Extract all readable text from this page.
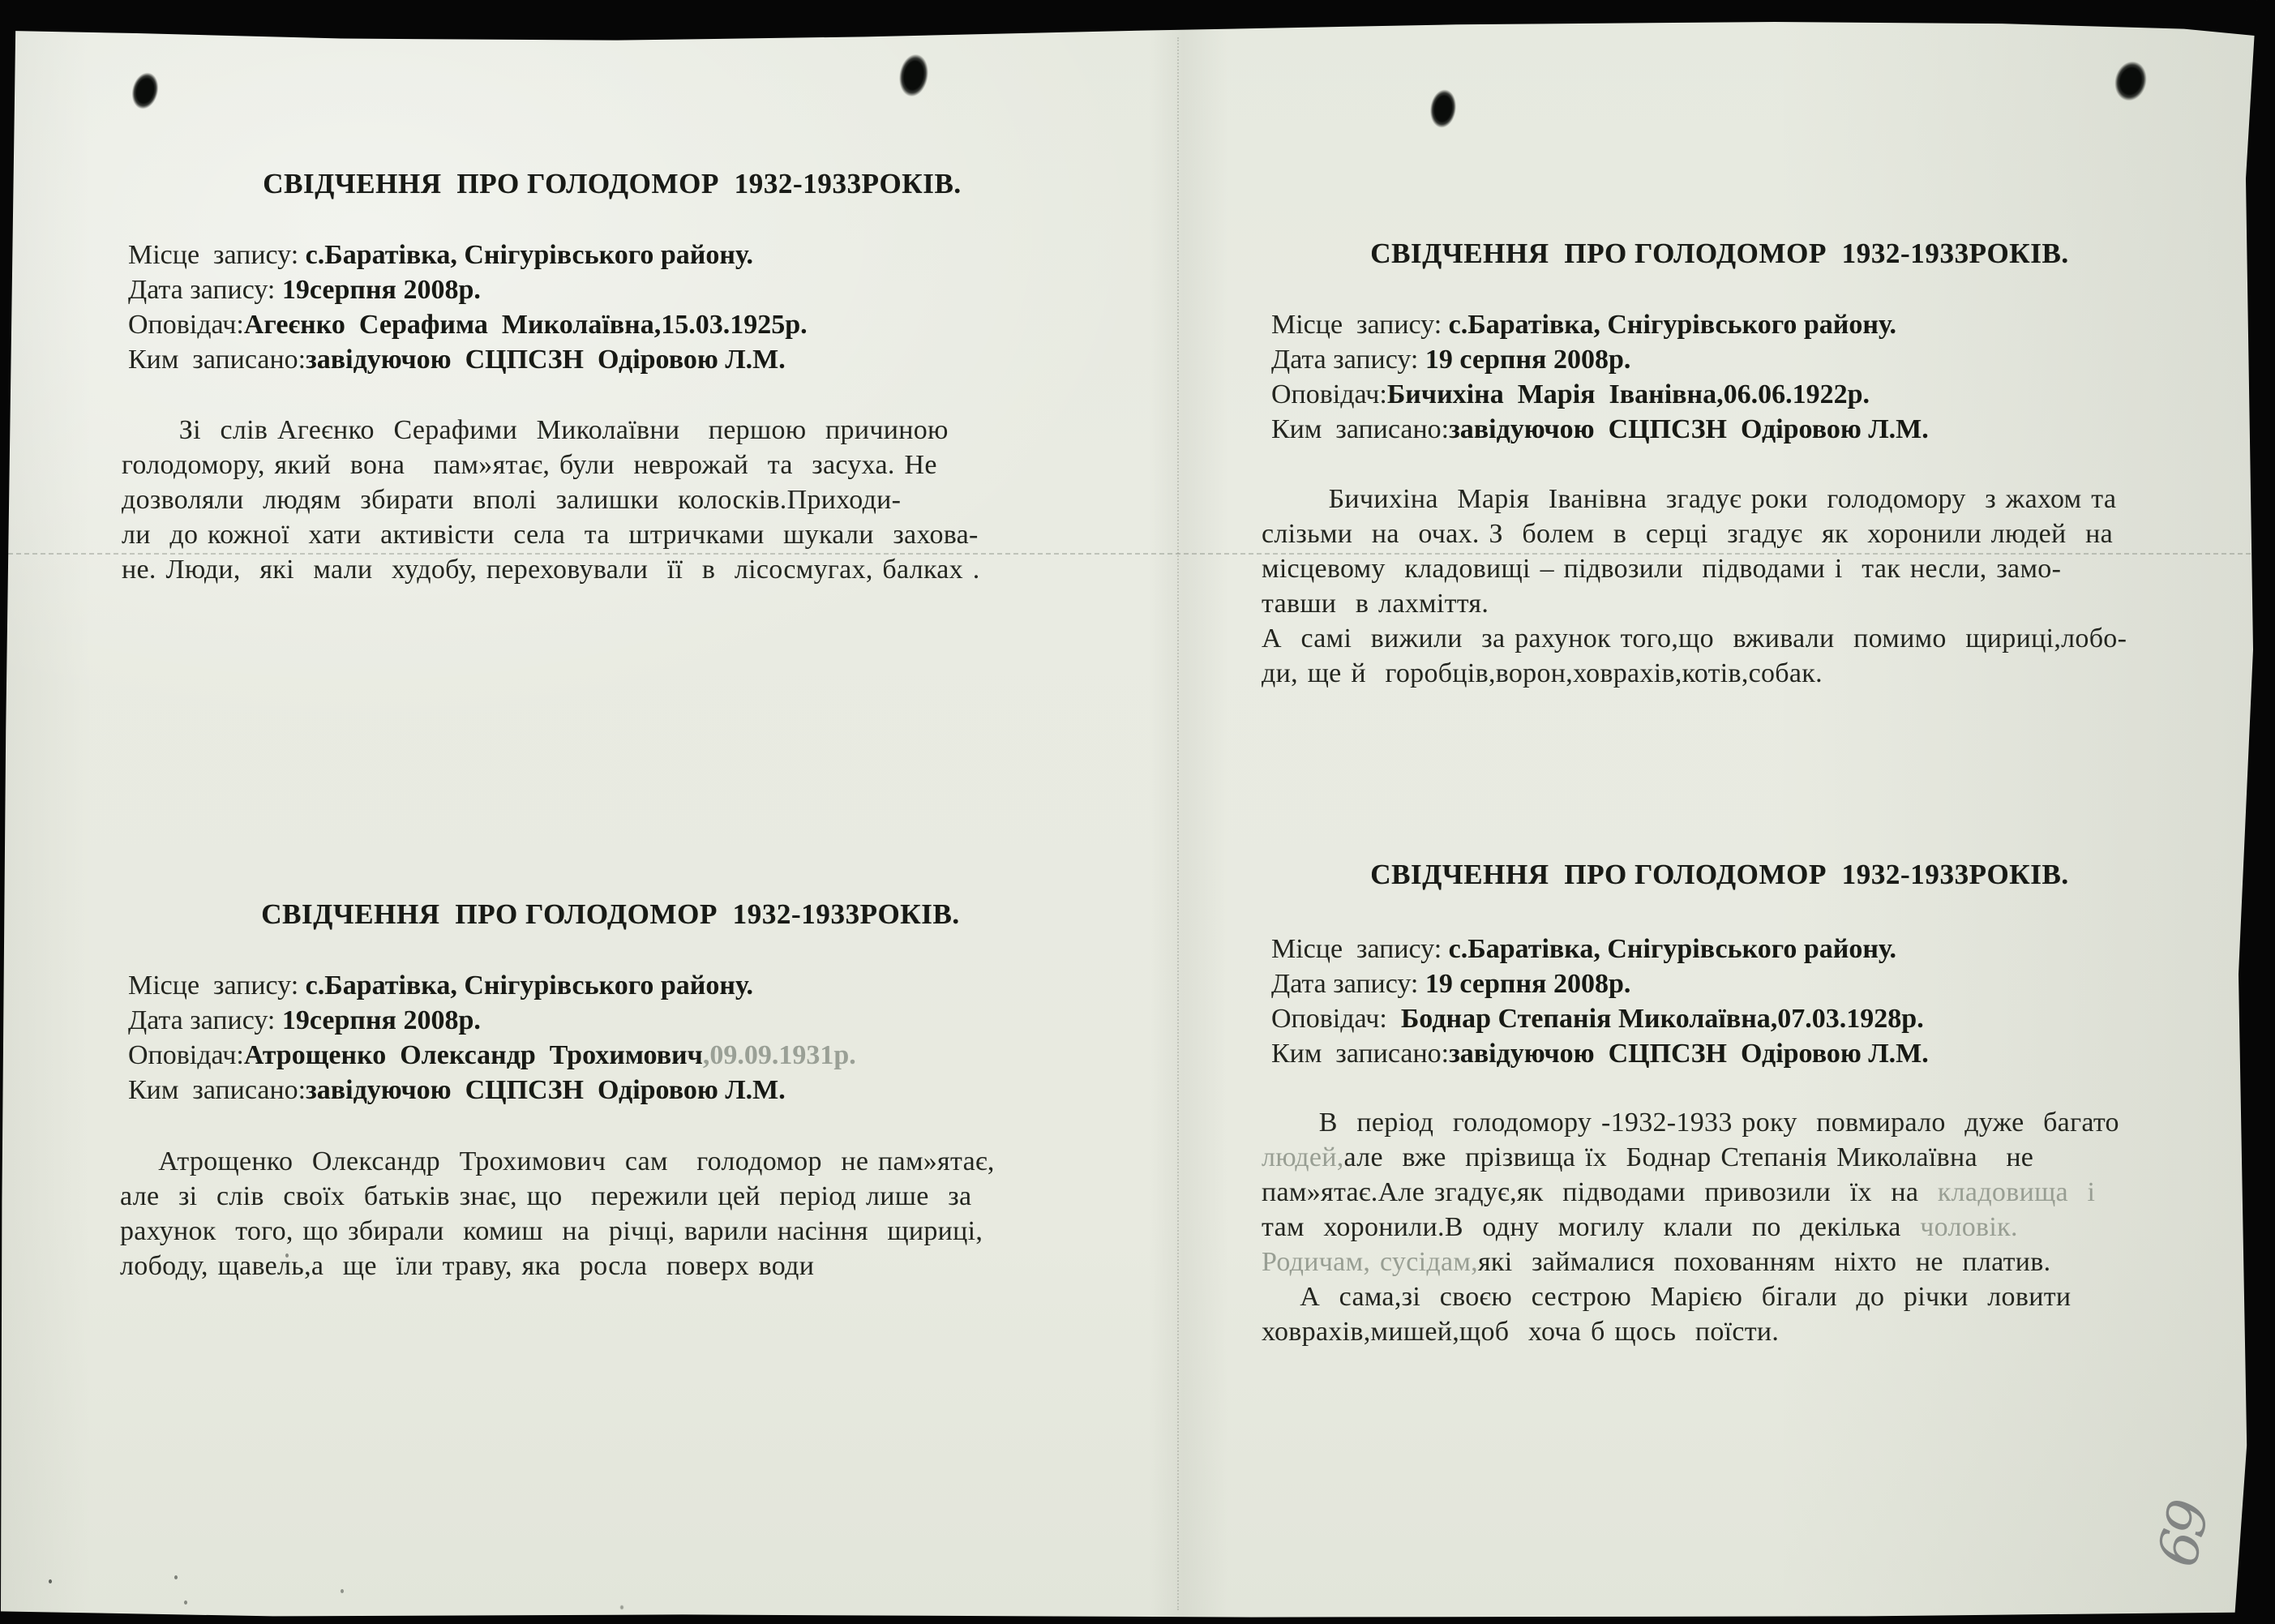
СВІДЧЕННЯ  ПРО ГОЛОДОМОР  1932-1933РОКІВ.
Місце  запису: с.Баратівка, Снігурівського району.
Дата запису: 19серпня 2008р.
Оповідач:Агеєнко  Серафима  Миколаївна,15.03.1925р.
Ким  записано:завідуючою  СЦПСЗН  Одіровою Л.М.
Зі  слів Агеєнко  Серафими  Миколаївни   першою  причиною
голодомору, який  вона   пам»ятає, були  неврожай  та  засуха. Не
дозволяли  людям  збирати  вполі  залишки  колосків.Приходи-
ли  до кожної  хати  активісти  села  та  штричками  шукали  захова-
не. Люди,  які  мали  худобу, переховували  її  в  лісосмугах, балках .
СВІДЧЕННЯ  ПРО ГОЛОДОМОР  1932-1933РОКІВ.
Місце  запису: с.Баратівка, Снігурівського району.
Дата запису: 19 серпня 2008р.
Оповідач:Бичихіна  Марія  Іванівна,06.06.1922р.
Ким  записано:завідуючою  СЦПСЗН  Одіровою Л.М.
Бичихіна  Марія  Іванівна  згадує роки  голодомору  з жахом та
слізьми  на  очах. З  болем  в  серці  згадує  як  хоронили людей  на
місцевому  кладовищі – підвозили  підводами і  так несли, замо-
тавши  в лахміття.
А  самі  вижили  за рахунок того,що  вживали  помимо  щириці,лобо-
ди, ще й  горобців,ворон,ховрахів,котів,собак.
СВІДЧЕННЯ  ПРО ГОЛОДОМОР  1932-1933РОКІВ.
Місце  запису: с.Баратівка, Снігурівського району.
Дата запису: 19серпня 2008р.
Оповідач:Атрощенко  Олександр  Трохимович,09.09.1931р.
Ким  записано:завідуючою  СЦПСЗН  Одіровою Л.М.
Атрощенко  Олександр  Трохимович  сам   голодомор  не пам»ятає,
але  зі  слів  своїх  батьків знає, що   пережили цей  період лише  за
рахунок  того, що збирали  комиш  на  річці, варили насіння  щириці,
лободу, щавель,а  ще  їли траву, яка  росла  поверх води
СВІДЧЕННЯ  ПРО ГОЛОДОМОР  1932-1933РОКІВ.
Місце  запису: с.Баратівка, Снігурівського району.
Дата запису: 19 серпня 2008р.
Оповідач:  Боднар Степанія Миколаївна,07.03.1928р.
Ким  записано:завідуючою  СЦПСЗН  Одіровою Л.М.
В  період  голодомору -1932-1933 року  повмирало  дуже  багато
людей,але  вже  прізвища їх  Боднар Степанія Миколаївна   не
пам»ятає.Але згадує,як  підводами  привозили  їх  на  кладовища  і
там  хоронили.В  одну  могилу  клали  по  декілька  чоловік.
Родичам, сусідам,які  займалися  похованням  ніхто  не  платив.
А  сама,зі  своєю  сестрою  Марією  бігали  до  річки  ловити
ховрахів,мишей,щоб  хоча б щось  поїсти.
69
